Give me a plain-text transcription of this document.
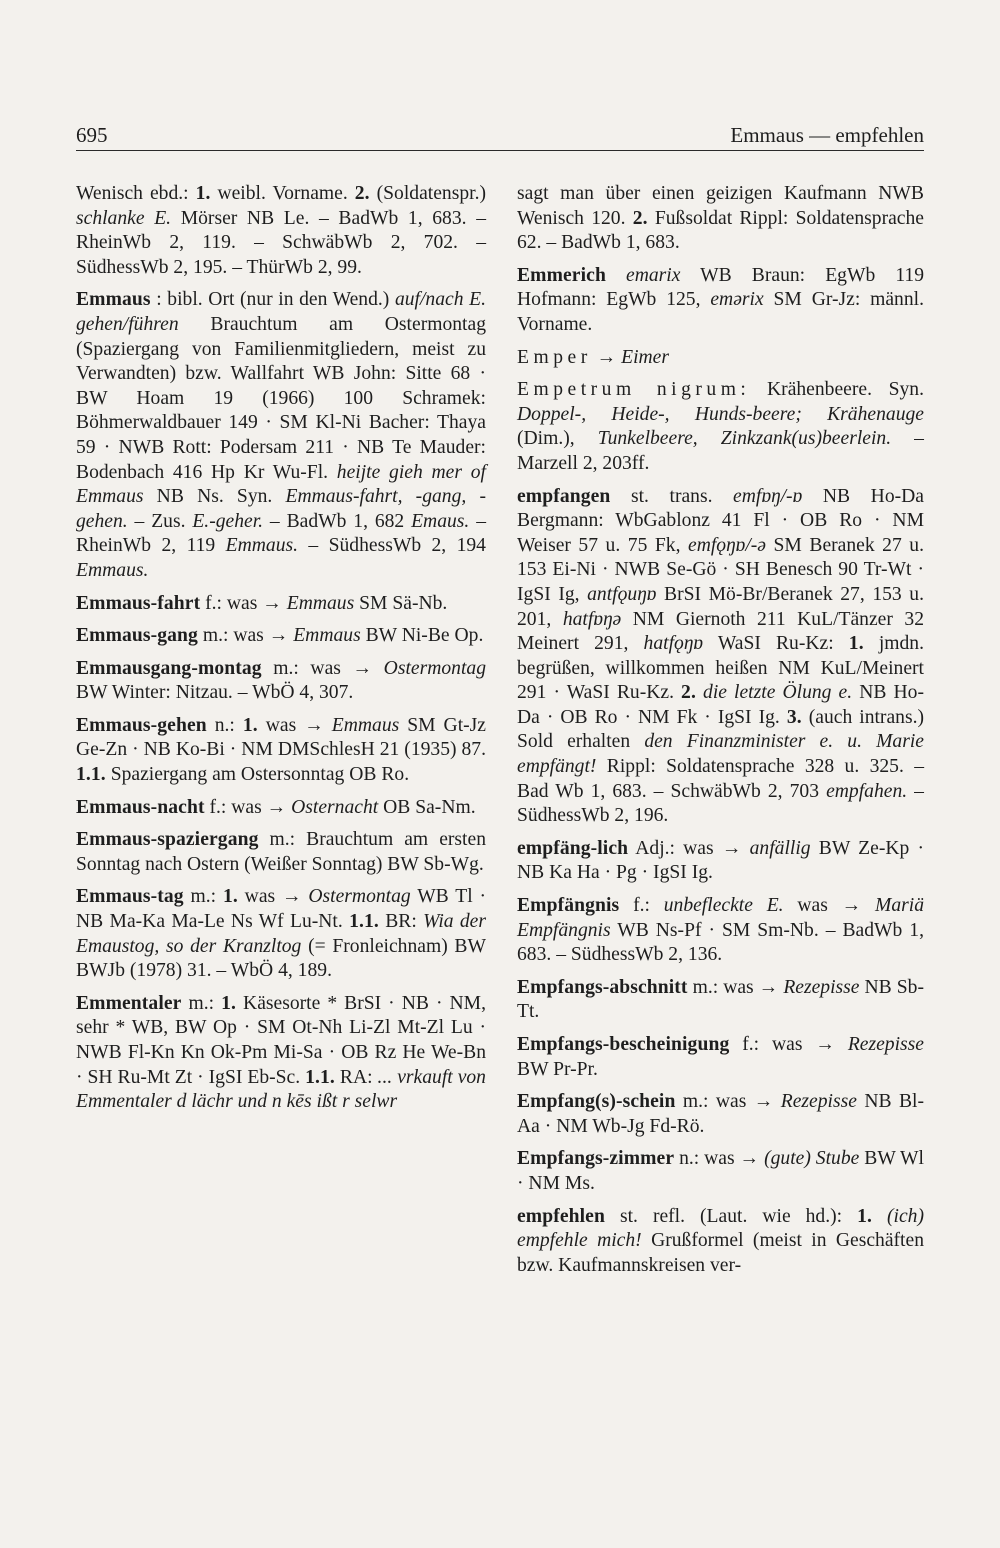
695	Emmaus — empfehlen
Wenisch ebd.: 1. weibl. Vorname. 2. (Soldatenspr.) schlanke E. Mörser NB Le. – BadWb 1, 683. – RheinWb 2, 119. – SchwäbWb 2, 702. – SüdhessWb 2, 195. – ThürWb 2, 99.
Emmaus : bibl. Ort (nur in den Wend.) auf/nach E. gehen/führen Brauchtum am Ostermontag (Spaziergang von Familienmitgliedern, meist zu Verwandten) bzw. Wallfahrt WB John: Sitte 68 · BW Hoam 19 (1966) 100 Schramek: Böhmerwaldbauer 149 · SM Kl-Ni Bacher: Thaya 59 · NWB Rott: Podersam 211 · NB Te Mauder: Bodenbach 416 Hp Kr Wu-Fl. heijte gieh mer of Emmaus NB Ns. Syn. Emmaus-fahrt, -gang, -gehen. – Zus. E.-geher. – BadWb 1, 682 Emaus. – RheinWb 2, 119 Emmaus. – SüdhessWb 2, 194 Emmaus.
Emmaus-fahrt f.: was → Emmaus SM Sä-Nb.
Emmaus-gang m.: was → Emmaus BW Ni-Be Op.
Emmausgang-montag m.: was → Ostermontag BW Winter: Nitzau. – WbÖ 4, 307.
Emmaus-gehen n.: 1. was → Emmaus SM Gt-Jz Ge-Zn · NB Ko-Bi · NM DMSchlesH 21 (1935) 87. 1.1. Spaziergang am Ostersonntag OB Ro.
Emmaus-nacht f.: was → Osternacht OB Sa-Nm.
Emmaus-spaziergang m.: Brauchtum am ersten Sonntag nach Ostern (Weißer Sonntag) BW Sb-Wg.
Emmaus-tag m.: 1. was → Ostermontag WB Tl · NB Ma-Ka Ma-Le Ns Wf Lu-Nt. 1.1. BR: Wia der Emaustog, so der Kranzltog (= Fronleichnam) BW BWJb (1978) 31. – WbÖ 4, 189.
Emmentaler m.: 1. Käsesorte * BrSI · NB · NM, sehr * WB, BW Op · SM Ot-Nh Li-Zl Mt-Zl Lu · NWB Fl-Kn Kn Ok-Pm Mi-Sa · OB Rz He We-Bn · SH Ru-Mt Zt · IgSI Eb-Sc. 1.1. RA: ... vrkauft von Emmentaler d lächr und n kēs ißt r selwr
sagt man über einen geizigen Kaufmann NWB Wenisch 120. 2. Fußsoldat Rippl: Soldatensprache 62. – BadWb 1, 683.
Emmerich emarix WB Braun: EgWb 119 Hofmann: EgWb 125, emərix SM Gr-Jz: männl. Vorname.
Emper → Eimer
Empetrum nigrum: Krähenbeere. Syn. Doppel-, Heide-, Hunds-beere; Krähenauge (Dim.), Tunkelbeere, Zinkzank(us)beerlein. – Marzell 2, 203ff.
empfangen st. trans. emfɒŋ/-ɒ NB Ho-Da Bergmann: WbGablonz 41 Fl · OB Ro · NM Weiser 57 u. 75 Fk, emfǫŋɒ/-ə SM Beranek 27 u. 153 Ei-Ni · NWB Se-Gö · SH Benesch 90 Tr-Wt · IgSI Ig, antfǫuŋɒ BrSI Mö-Br/Beranek 27, 153 u. 201, hatfɒŋə NM Giernoth 211 KuL/Tänzer 32 Meinert 291, hatfǫŋɒ WaSI Ru-Kz: 1. jmdn. begrüßen, willkommen heißen NM KuL/Meinert 291 · WaSI Ru-Kz. 2. die letzte Ölung e. NB Ho-Da · OB Ro · NM Fk · IgSI Ig. 3. (auch intrans.) Sold erhalten den Finanzminister e. u. Marie empfängt! Rippl: Soldatensprache 328 u. 325. – Bad Wb 1, 683. – SchwäbWb 2, 703 empfahen. – SüdhessWb 2, 196.
empfäng-lich Adj.: was → anfällig BW Ze-Kp · NB Ka Ha · Pg · IgSI Ig.
Empfängnis f.: unbefleckte E. was → Mariä Empfängnis WB Ns-Pf · SM Sm-Nb. – BadWb 1, 683. – SüdhessWb 2, 136.
Empfangs-abschnitt m.: was → Rezepisse NB Sb-Tt.
Empfangs-bescheinigung f.: was → Rezepisse BW Pr-Pr.
Empfang(s)-schein m.: was → Rezepisse NB Bl-Aa · NM Wb-Jg Fd-Rö.
Empfangs-zimmer n.: was → (gute) Stube BW Wl · NM Ms.
empfehlen st. refl. (Laut. wie hd.): 1. (ich) empfehle mich! Grußformel (meist in Geschäften bzw. Kaufmannskreisen ver-
